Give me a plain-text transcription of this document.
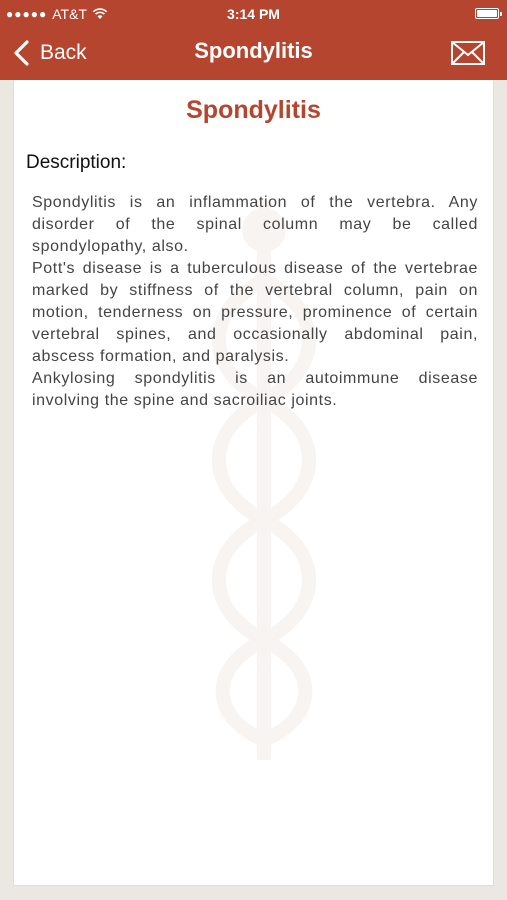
●●●●● AT&T	3:14 PM
Back	Spondylitis
Spondylitis
Description:

Spondylitis is an inflammation of the vertebra. Any disorder of the spinal column may be called spondylopathy, also.

Pott's disease is a tuberculous disease of the vertebrae marked by stiffness of the vertebral column, pain on motion, tenderness on pressure, prominence of certain vertebral spines, and occasionally abdominal pain, abscess formation, and paralysis.

Ankylosing spondylitis is an autoimmune disease involving the spine and sacroiliac joints.
